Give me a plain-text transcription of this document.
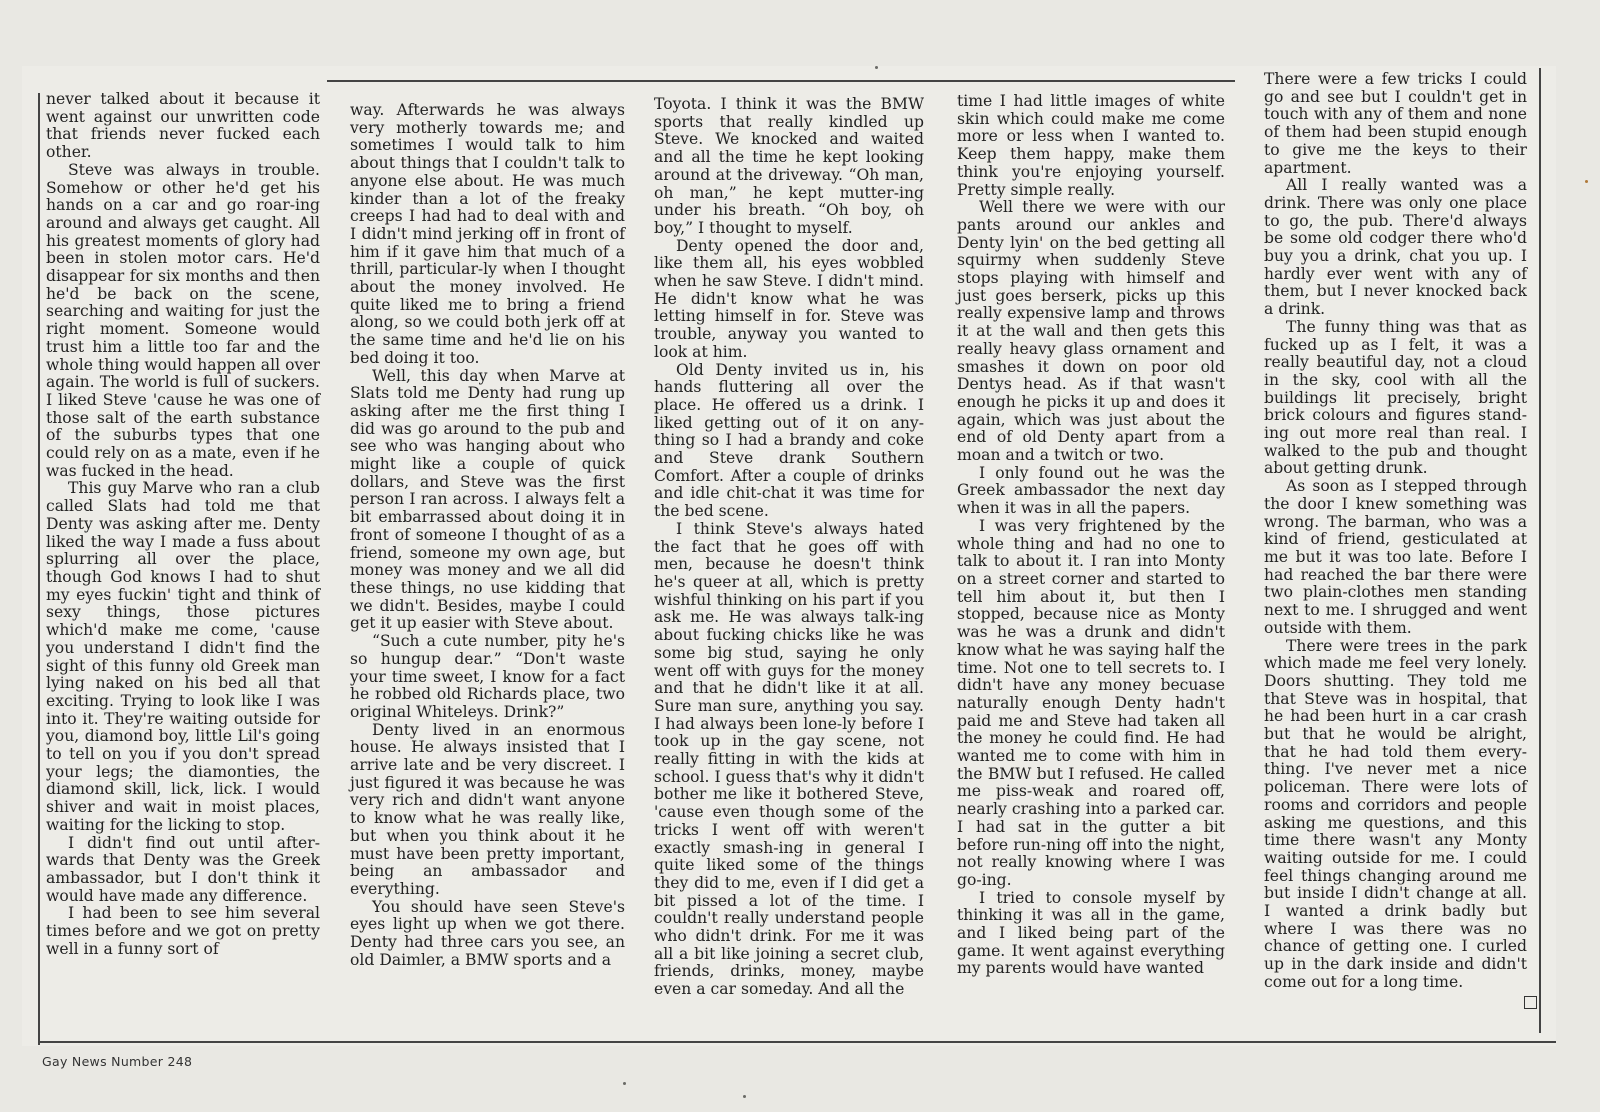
never talked about it because it went against our unwritten code that friends never fucked each other.

Steve was always in trouble. Somehow or other he'd get his hands on a car and go roar-ing around and always get caught. All his greatest moments of glory had been in stolen motor cars. He'd disappear for six months and then he'd be back on the scene, searching and waiting for just the right moment. Someone would trust him a little too far and the whole thing would happen all over again. The world is full of suckers. I liked Steve 'cause he was one of those salt of the earth substance of the suburbs types that one could rely on as a mate, even if he was fucked in the head.

This guy Marve who ran a club called Slats had told me that Denty was asking after me. Denty liked the way I made a fuss about splurring all over the place, though God knows I had to shut my eyes fuckin' tight and think of sexy things, those pictures which'd make me come, 'cause you understand I didn't find the sight of this funny old Greek man lying naked on his bed all that exciting. Trying to look like I was into it. They're waiting outside for you, diamond boy, little Lil's going to tell on you if you don't spread your legs; the diamonties, the diamond skill, lick, lick. I would shiver and wait in moist places, waiting for the licking to stop.

I didn't find out until after-wards that Denty was the Greek ambassador, but I don't think it would have made any difference.

I had been to see him several times before and we got on pretty well in a funny sort of

way. Afterwards he was always very motherly towards me; and sometimes I would talk to him about things that I couldn't talk to anyone else about. He was much kinder than a lot of the freaky creeps I had had to deal with and I didn't mind jerking off in front of him if it gave him that much of a thrill, particular-ly when I thought about the money involved. He quite liked me to bring a friend along, so we could both jerk off at the same time and he'd lie on his bed doing it too.

Well, this day when Marve at Slats told me Denty had rung up asking after me the first thing I did was go around to the pub and see who was hanging about who might like a couple of quick dollars, and Steve was the first person I ran across. I always felt a bit embarrassed about doing it in front of someone I thought of as a friend, someone my own age, but money was money and we all did these things, no use kidding that we didn't. Besides, maybe I could get it up easier with Steve about.

“Such a cute number, pity he's so hungup dear.” “Don't waste your time sweet, I know for a fact he robbed old Richards place, two original Whiteleys. Drink?”

Denty lived in an enormous house. He always insisted that I arrive late and be very discreet. I just figured it was because he was very rich and didn't want anyone to know what he was really like, but when you think about it he must have been pretty important, being an ambassador and everything.

You should have seen Steve's eyes light up when we got there. Denty had three cars you see, an old Daimler, a BMW sports and a

Toyota. I think it was the BMW sports that really kindled up Steve. We knocked and waited and all the time he kept looking around at the driveway. “Oh man, oh man,” he kept mutter-ing under his breath. “Oh boy, oh boy,” I thought to myself.

Denty opened the door and, like them all, his eyes wobbled when he saw Steve. I didn't mind. He didn't know what he was letting himself in for. Steve was trouble, anyway you wanted to look at him.

Old Denty invited us in, his hands fluttering all over the place. He offered us a drink. I liked getting out of it on any-thing so I had a brandy and coke and Steve drank Southern Comfort. After a couple of drinks and idle chit-chat it was time for the bed scene.

I think Steve's always hated the fact that he goes off with men, because he doesn't think he's queer at all, which is pretty wishful thinking on his part if you ask me. He was always talk-ing about fucking chicks like he was some big stud, saying he only went off with guys for the money and that he didn't like it at all. Sure man sure, anything you say. I had always been lone-ly before I took up in the gay scene, not really fitting in with the kids at school. I guess that's why it didn't bother me like it bothered Steve, 'cause even though some of the tricks I went off with weren't exactly smash-ing in general I quite liked some of the things they did to me, even if I did get a bit pissed a lot of the time. I couldn't really understand people who didn't drink. For me it was all a bit like joining a secret club, friends, drinks, money, maybe even a car someday. And all the

time I had little images of white skin which could make me come more or less when I wanted to. Keep them happy, make them think you're enjoying yourself. Pretty simple really.

Well there we were with our pants around our ankles and Denty lyin' on the bed getting all squirmy when suddenly Steve stops playing with himself and just goes berserk, picks up this really expensive lamp and throws it at the wall and then gets this really heavy glass ornament and smashes it down on poor old Dentys head. As if that wasn't enough he picks it up and does it again, which was just about the end of old Denty apart from a moan and a twitch or two.

I only found out he was the Greek ambassador the next day when it was in all the papers.

I was very frightened by the whole thing and had no one to talk to about it. I ran into Monty on a street corner and started to tell him about it, but then I stopped, because nice as Monty was he was a drunk and didn't know what he was saying half the time. Not one to tell secrets to. I didn't have any money becuase naturally enough Denty hadn't paid me and Steve had taken all the money he could find. He had wanted me to come with him in the BMW but I refused. He called me piss-weak and roared off, nearly crashing into a parked car. I had sat in the gutter a bit before run-ning off into the night, not really knowing where I was go-ing.

I tried to console myself by thinking it was all in the game, and I liked being part of the game. It went against everything my parents would have wanted

There were a few tricks I could go and see but I couldn't get in touch with any of them and none of them had been stupid enough to give me the keys to their apartment.

All I really wanted was a drink. There was only one place to go, the pub. There'd always be some old codger there who'd buy you a drink, chat you up. I hardly ever went with any of them, but I never knocked back a drink.

The funny thing was that as fucked up as I felt, it was a really beautiful day, not a cloud in the sky, cool with all the buildings lit precisely, bright brick colours and figures stand-ing out more real than real. I walked to the pub and thought about getting drunk.

As soon as I stepped through the door I knew something was wrong. The barman, who was a kind of friend, gesticulated at me but it was too late. Before I had reached the bar there were two plain-clothes men standing next to me. I shrugged and went outside with them.

There were trees in the park which made me feel very lonely. Doors shutting. They told me that Steve was in hospital, that he had been hurt in a car crash but that he would be alright, that he had told them every-thing. I've never met a nice policeman. There were lots of rooms and corridors and people asking me questions, and this time there wasn't any Monty waiting outside for me. I could feel things changing around me but inside I didn't change at all. I wanted a drink badly but where I was there was no chance of getting one. I curled up in the dark inside and didn't come out for a long time.

Gay News Number 248
